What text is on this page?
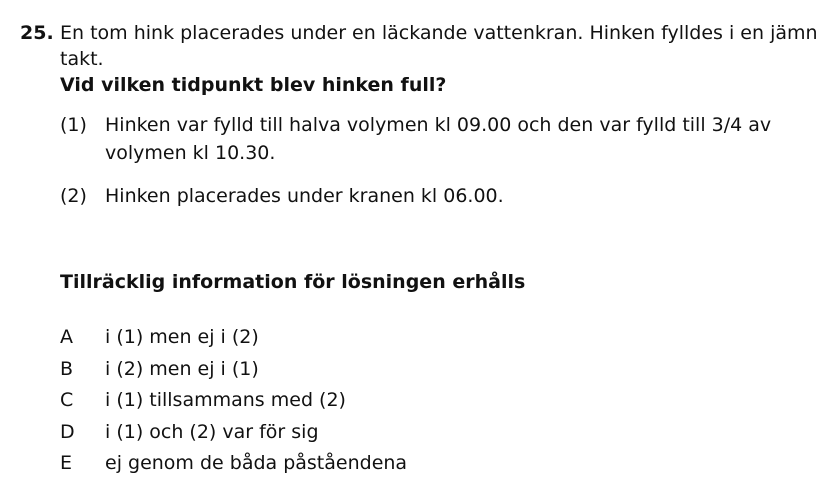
25. En tom hink placerades under en läckande vattenkran. Hinken fylldes i en jämn takt.
Vid vilken tidpunkt blev hinken full?
(1) Hinken var fylld till halva volymen kl 09.00 och den var fylld till 3/4 av volymen kl 10.30.
(2) Hinken placerades under kranen kl 06.00.
Tillräcklig information för lösningen erhålls
A	i (1) men ej i (2)
B	i (2) men ej i (1)
C	i (1) tillsammans med (2)
D	i (1) och (2) var för sig
E	ej genom de båda påståendena
